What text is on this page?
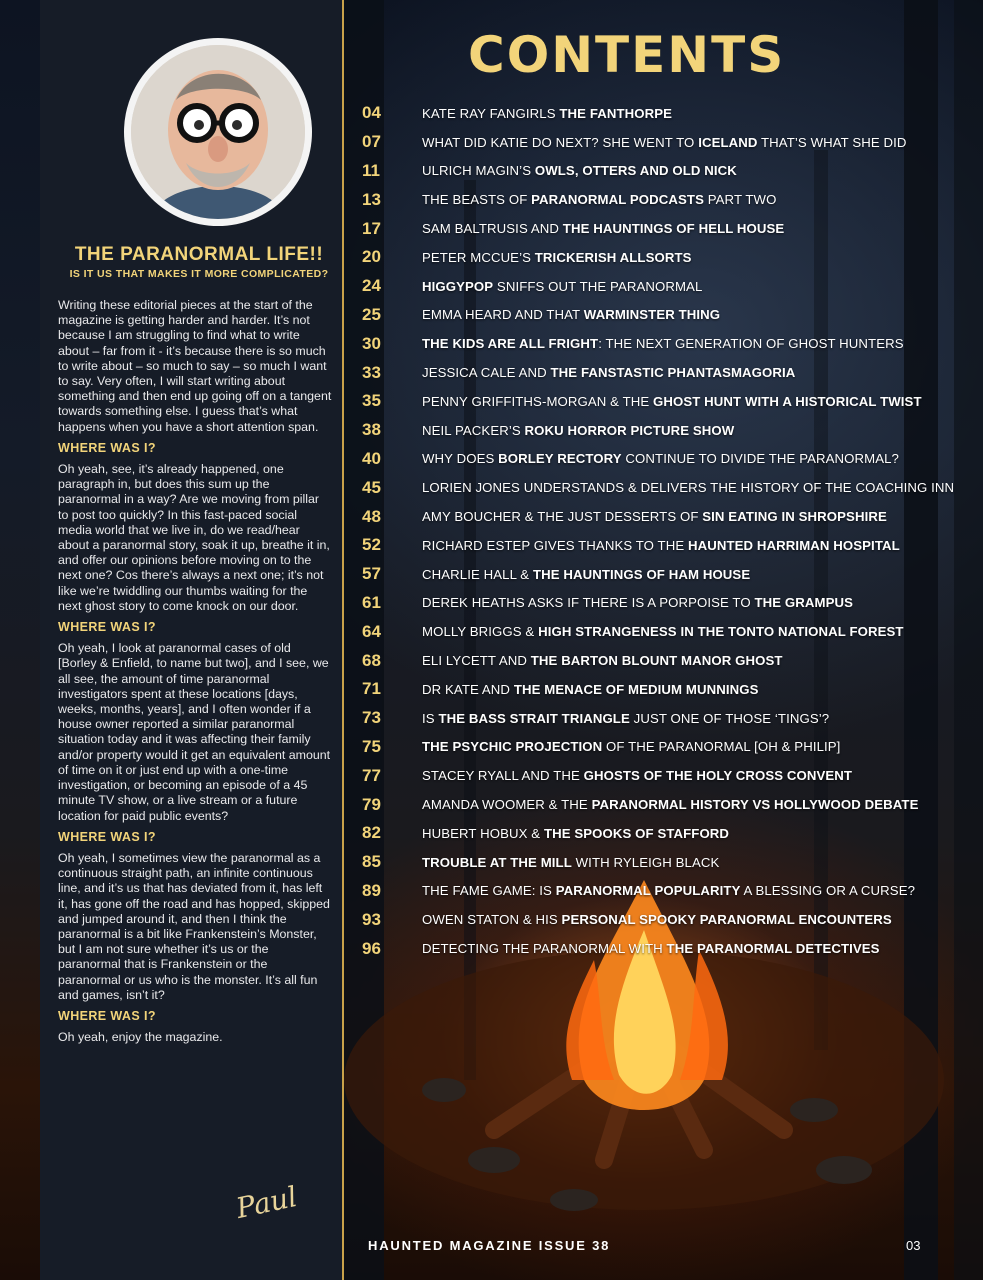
THE PARANORMAL LIFE!!
IS IT US THAT MAKES IT MORE COMPLICATED?

Writing these editorial pieces at the start of the magazine is getting harder and harder. It’s not because I am struggling to find what to write about – far from it - it’s because there is so much to write about – so much to say – so much I want to say. Very often, I will start writing about something and then end up going off on a tangent towards something else. I guess that’s what happens when you have a short attention span.

WHERE WAS I?

Oh yeah, see, it’s already happened, one paragraph in, but does this sum up the paranormal in a way? Are we moving from pillar to post too quickly? In this fast-paced social media world that we live in, do we read/hear about a paranormal story, soak it up, breathe it in, and offer our opinions before moving on to the next one? Cos there’s always a next one; it’s not like we’re twiddling our thumbs waiting for the next ghost story to come knock on our door.

WHERE WAS I?

Oh yeah, I look at paranormal cases of old [Borley & Enfield, to name but two], and I see, we all see, the amount of time paranormal investigators spent at these locations [days, weeks, months, years], and I often wonder if a house owner reported a similar paranormal situation today and it was affecting their family and/or property would it get an equivalent amount of time on it or just end up with a one-time investigation, or becoming an episode of a 45 minute TV show, or a live stream or a future location for paid public events?

WHERE WAS I?

Oh yeah, I sometimes view the paranormal as a continuous straight path, an infinite continuous line, and it’s us that has deviated from it, has left it, has gone off the road and has hopped, skipped and jumped around it, and then I think the paranormal is a bit like Frankenstein’s Monster, but I am not sure whether it’s us or the paranormal that is Frankenstein or the paranormal or us who is the monster. It’s all fun and games, isn’t it?

WHERE WAS I?

Oh yeah, enjoy the magazine.

Paul
CONTENTS
04	KATE RAY FANGIRLS THE FANTHORPE
07	WHAT DID KATIE DO NEXT? SHE WENT TO ICELAND THAT’S WHAT SHE DID
11	ULRICH MAGIN’S OWLS, OTTERS AND OLD NICK
13	THE BEASTS OF PARANORMAL PODCASTS PART TWO
17	SAM BALTRUSIS AND THE HAUNTINGS OF HELL HOUSE
20	PETER MCCUE’S TRICKERISH ALLSORTS
24	HIGGYPOP SNIFFS OUT THE PARANORMAL
25	EMMA HEARD AND THAT WARMINSTER THING
30	THE KIDS ARE ALL FRIGHT: THE NEXT GENERATION OF GHOST HUNTERS
33	JESSICA CALE AND THE FANSTASTIC PHANTASMAGORIA
35	PENNY GRIFFITHS-MORGAN & THE GHOST HUNT WITH A HISTORICAL TWIST
38	NEIL PACKER’S ROKU HORROR PICTURE SHOW
40	WHY DOES BORLEY RECTORY CONTINUE TO DIVIDE THE PARANORMAL?
45	LORIEN JONES UNDERSTANDS & DELIVERS THE HISTORY OF THE COACHING INN
48	AMY BOUCHER & THE JUST DESSERTS OF SIN EATING IN SHROPSHIRE
52	RICHARD ESTEP GIVES THANKS TO THE HAUNTED HARRIMAN HOSPITAL
57	CHARLIE HALL & THE HAUNTINGS OF HAM HOUSE
61	DEREK HEATHS ASKS IF THERE IS A PORPOISE TO THE GRAMPUS
64	MOLLY BRIGGS & HIGH STRANGENESS IN THE TONTO NATIONAL FOREST
68	ELI LYCETT AND THE BARTON BLOUNT MANOR GHOST
71	DR KATE AND THE MENACE OF MEDIUM MUNNINGS
73	IS THE BASS STRAIT TRIANGLE JUST ONE OF THOSE ‘TINGS’?
75	THE PSYCHIC PROJECTION OF THE PARANORMAL [OH & PHILIP]
77	STACEY RYALL AND THE GHOSTS OF THE HOLY CROSS CONVENT
79	AMANDA WOOMER & THE PARANORMAL HISTORY VS HOLLYWOOD DEBATE
82	HUBERT HOBUX & THE SPOOKS OF STAFFORD
85	TROUBLE AT THE MILL WITH RYLEIGH BLACK
89	THE FAME GAME: IS PARANORMAL POPULARITY A BLESSING OR A CURSE?
93	OWEN STATON & HIS PERSONAL SPOOKY PARANORMAL ENCOUNTERS
96	DETECTING THE PARANORMAL WITH THE PARANORMAL DETECTIVES
HAUNTED MAGAZINE ISSUE 38	03
